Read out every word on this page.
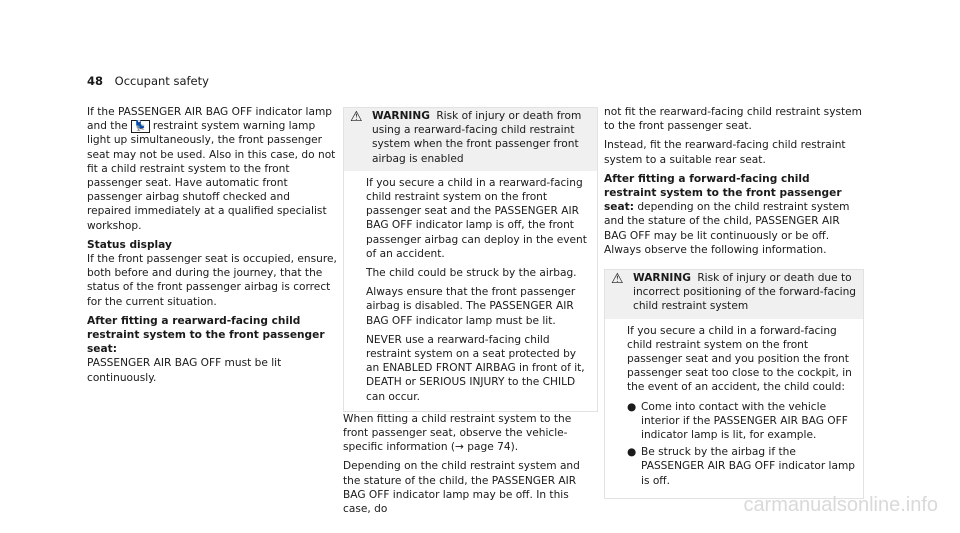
48 Occupant safety

If the PASSENGER AIR BAG OFF indicator lamp and the 💺 restraint system warning lamp light up simultaneously, the front passenger seat may not be used. Also in this case, do not fit a child restraint system to the front passenger seat. Have automatic front passenger airbag shutoff checked and repaired immediately at a qualified specialist workshop.

Status display

If the front passenger seat is occupied, ensure, both before and during the journey, that the status of the front passenger airbag is correct for the current situation.

After fitting a rearward-facing child restraint system to the front passenger seat:

PASSENGER AIR BAG OFF must be lit continuously.

⚠ WARNING Risk of injury or death from using a rearward-facing child restraint system when the front passenger front airbag is enabled

If you secure a child in a rearward-facing child restraint system on the front passenger seat and the PASSENGER AIR BAG OFF indicator lamp is off, the front passenger airbag can deploy in the event of an accident.

The child could be struck by the airbag.

Always ensure that the front passenger airbag is disabled. The PASSENGER AIR BAG OFF indicator lamp must be lit.

NEVER use a rearward-facing child restraint system on a seat protected by an ENABLED FRONT AIRBAG in front of it, DEATH or SERIOUS INJURY to the CHILD can occur.

When fitting a child restraint system to the front passenger seat, observe the vehicle-specific information (→ page 74).

Depending on the child restraint system and the stature of the child, the PASSENGER AIR BAG OFF indicator lamp may be off. In this case, do

not fit the rearward-facing child restraint system to the front passenger seat.

Instead, fit the rearward-facing child restraint system to a suitable rear seat.

After fitting a forward-facing child restraint system to the front passenger seat: depending on the child restraint system and the stature of the child, PASSENGER AIR BAG OFF may be lit continuously or be off. Always observe the following information.

⚠ WARNING Risk of injury or death due to incorrect positioning of the forward-facing child restraint system

If you secure a child in a forward-facing child restraint system on the front passenger seat and you position the front passenger seat too close to the cockpit, in the event of an accident, the child could:

● Come into contact with the vehicle interior if the PASSENGER AIR BAG OFF indicator lamp is lit, for example.
● Be struck by the airbag if the PASSENGER AIR BAG OFF indicator lamp is off.
carmanualsonline.info
